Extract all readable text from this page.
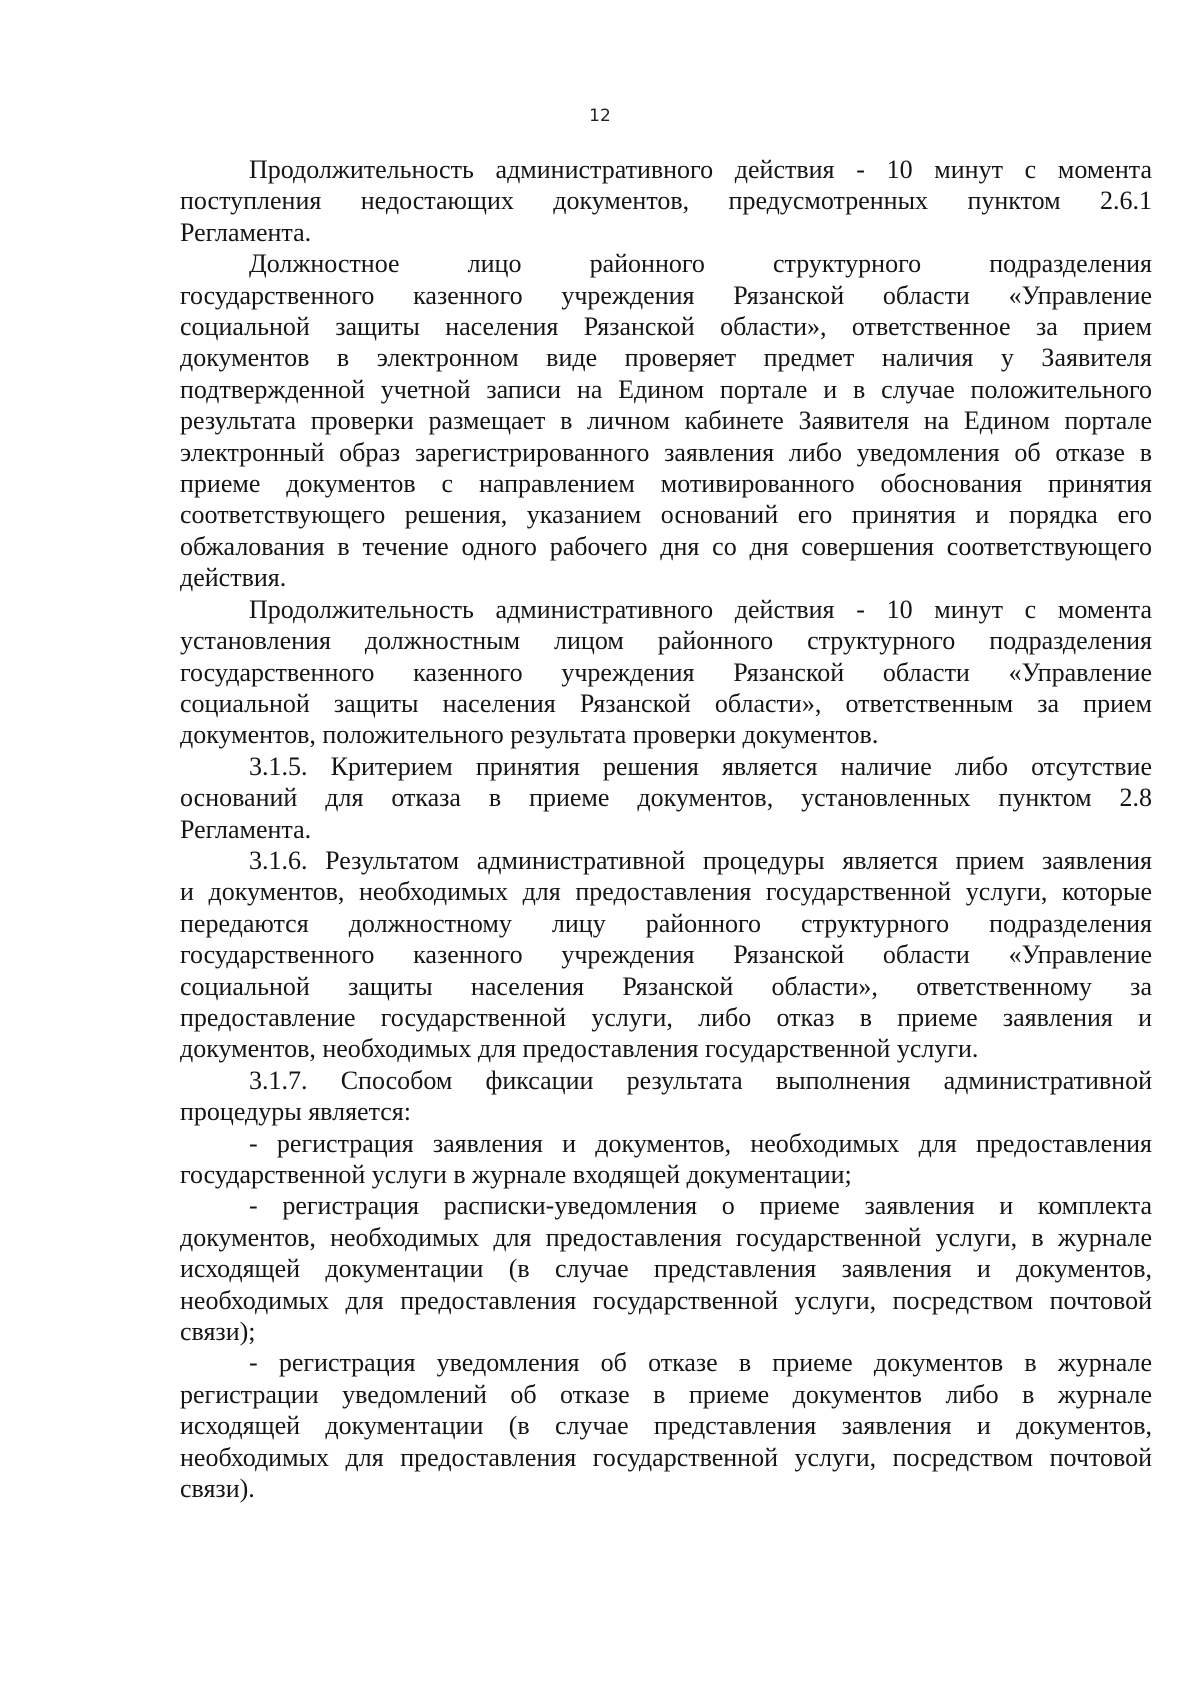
12

Продолжительность административного действия - 10 минут с момента
поступления недостающих документов, предусмотренных пунктом 2.6.1
Регламента.

Должностное лицо районного структурного подразделения
государственного казенного учреждения Рязанской области «Управление
социальной защиты населения Рязанской области», ответственное за прием
документов в электронном виде проверяет предмет наличия у Заявителя
подтвержденной учетной записи на Едином портале и в случае положительного
результата проверки размещает в личном кабинете Заявителя на Едином портале
электронный образ зарегистрированного заявления либо уведомления об отказе в
приеме документов с направлением мотивированного обоснования принятия
соответствующего решения, указанием оснований его принятия и порядка его
обжалования в течение одного рабочего дня со дня совершения соответствующего
действия.

Продолжительность административного действия - 10 минут с момента
установления должностным лицом районного структурного подразделения
государственного казенного учреждения Рязанской области «Управление
социальной защиты населения Рязанской области», ответственным за прием
документов, положительного результата проверки документов.

3.1.5. Критерием принятия решения является наличие либо отсутствие
оснований для отказа в приеме документов, установленных пунктом 2.8
Регламента.

3.1.6. Результатом административной процедуры является прием заявления
и документов, необходимых для предоставления государственной услуги, которые
передаются должностному лицу районного структурного подразделения
государственного казенного учреждения Рязанской области «Управление
социальной защиты населения Рязанской области», ответственному за
предоставление государственной услуги, либо отказ в приеме заявления и
документов, необходимых для предоставления государственной услуги.

3.1.7. Способом фиксации результата выполнения административной
процедуры является:

- регистрация заявления и документов, необходимых для предоставления
государственной услуги в журнале входящей документации;

- регистрация расписки-уведомления о приеме заявления и комплекта
документов, необходимых для предоставления государственной услуги, в журнале
исходящей документации (в случае представления заявления и документов,
необходимых для предоставления государственной услуги, посредством почтовой
связи);

- регистрация уведомления об отказе в приеме документов в журнале
регистрации уведомлений об отказе в приеме документов либо в журнале
исходящей документации (в случае представления заявления и документов,
необходимых для предоставления государственной услуги, посредством почтовой
связи).
